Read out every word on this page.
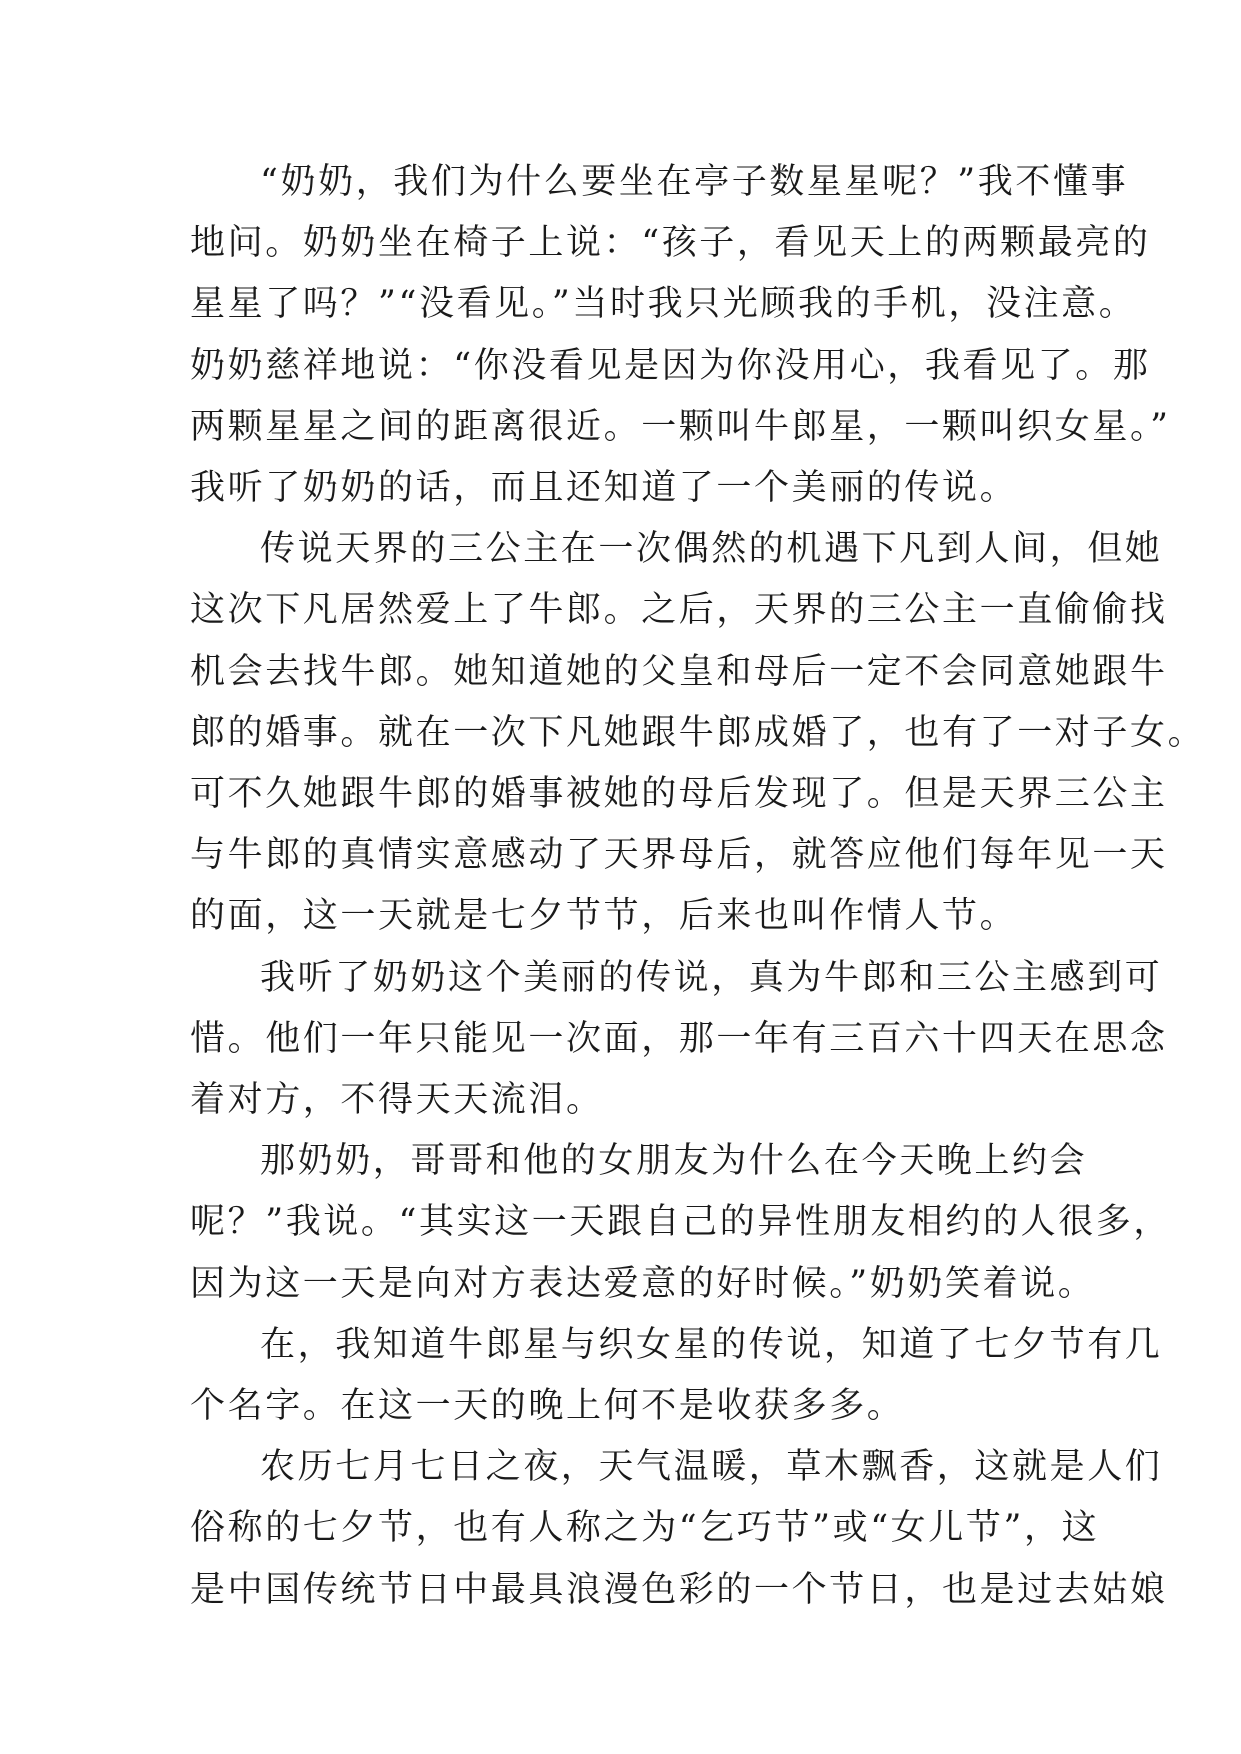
“奶奶，我们为什么要坐在亭子数星星呢？”我不懂事
地问。奶奶坐在椅子上说：“孩子，看见天上的两颗最亮的
星星了吗？”“没看见。”当时我只光顾我的手机，没注意。
奶奶慈祥地说：“你没看见是因为你没用心，我看见了。那
两颗星星之间的距离很近。一颗叫牛郎星，一颗叫织女星。”
我听了奶奶的话，而且还知道了一个美丽的传说。

传说天界的三公主在一次偶然的机遇下凡到人间，但她
这次下凡居然爱上了牛郎。之后，天界的三公主一直偷偷找
机会去找牛郎。她知道她的父皇和母后一定不会同意她跟牛
郎的婚事。就在一次下凡她跟牛郎成婚了，也有了一对子女。
可不久她跟牛郎的婚事被她的母后发现了。但是天界三公主
与牛郎的真情实意感动了天界母后，就答应他们每年见一天
的面，这一天就是七夕节节，后来也叫作情人节。

我听了奶奶这个美丽的传说，真为牛郎和三公主感到可
惜。他们一年只能见一次面，那一年有三百六十四天在思念
着对方，不得天天流泪。

那奶奶，哥哥和他的女朋友为什么在今天晚上约会
呢？”我说。“其实这一天跟自己的异性朋友相约的人很多，
因为这一天是向对方表达爱意的好时候。”奶奶笑着说。

在，我知道牛郎星与织女星的传说，知道了七夕节有几
个名字。在这一天的晚上何不是收获多多。

农历七月七日之夜，天气温暖，草木飘香，这就是人们
俗称的七夕节，也有人称之为“乞巧节”或“女儿节”，这
是中国传统节日中最具浪漫色彩的一个节日，也是过去姑娘
